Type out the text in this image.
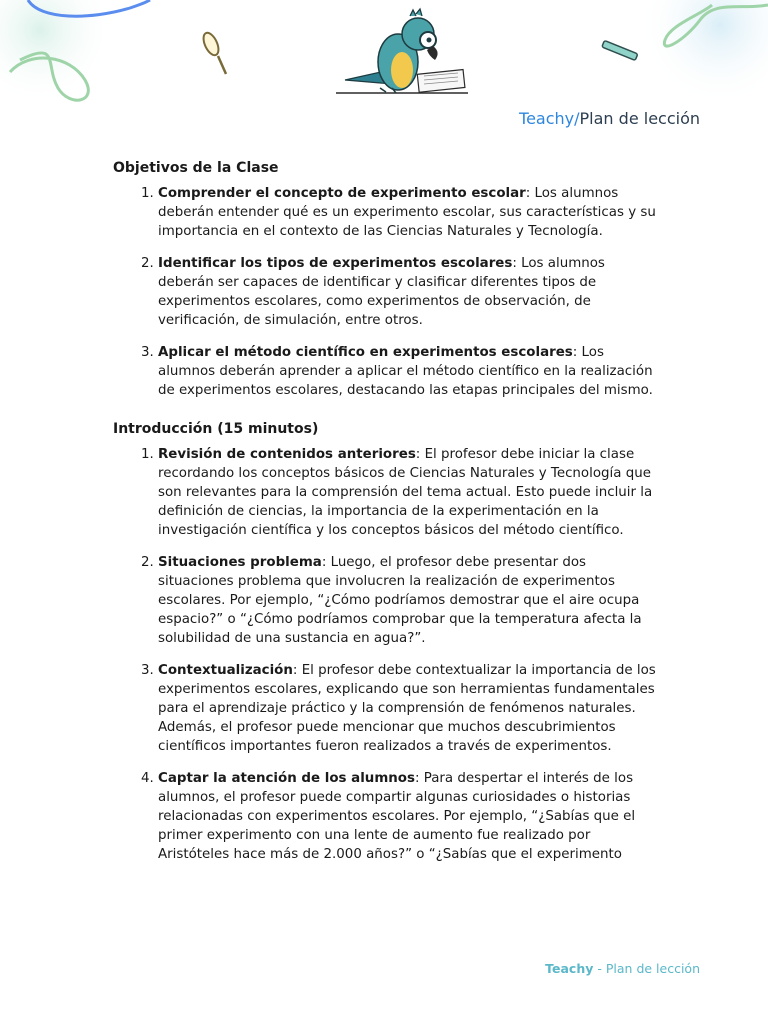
Teachy/Plan de lección
Objetivos de la Clase
1. Comprender el concepto de experimento escolar: Los alumnos deberán entender qué es un experimento escolar, sus características y su importancia en el contexto de las Ciencias Naturales y Tecnología.
2. Identificar los tipos de experimentos escolares: Los alumnos deberán ser capaces de identificar y clasificar diferentes tipos de experimentos escolares, como experimentos de observación, de verificación, de simulación, entre otros.
3. Aplicar el método científico en experimentos escolares: Los alumnos deberán aprender a aplicar el método científico en la realización de experimentos escolares, destacando las etapas principales del mismo.
Introducción (15 minutos)
1. Revisión de contenidos anteriores: El profesor debe iniciar la clase recordando los conceptos básicos de Ciencias Naturales y Tecnología que son relevantes para la comprensión del tema actual. Esto puede incluir la definición de ciencias, la importancia de la experimentación en la investigación científica y los conceptos básicos del método científico.
2. Situaciones problema: Luego, el profesor debe presentar dos situaciones problema que involucren la realización de experimentos escolares. Por ejemplo, “¿Cómo podríamos demostrar que el aire ocupa espacio?” o “¿Cómo podríamos comprobar que la temperatura afecta la solubilidad de una sustancia en agua?”.
3. Contextualización: El profesor debe contextualizar la importancia de los experimentos escolares, explicando que son herramientas fundamentales para el aprendizaje práctico y la comprensión de fenómenos naturales. Además, el profesor puede mencionar que muchos descubrimientos científicos importantes fueron realizados a través de experimentos.
4. Captar la atención de los alumnos: Para despertar el interés de los alumnos, el profesor puede compartir algunas curiosidades o historias relacionadas con experimentos escolares. Por ejemplo, “¿Sabías que el primer experimento con una lente de aumento fue realizado por Aristóteles hace más de 2.000 años?” o “¿Sabías que el experimento
Teachy - Plan de lección
